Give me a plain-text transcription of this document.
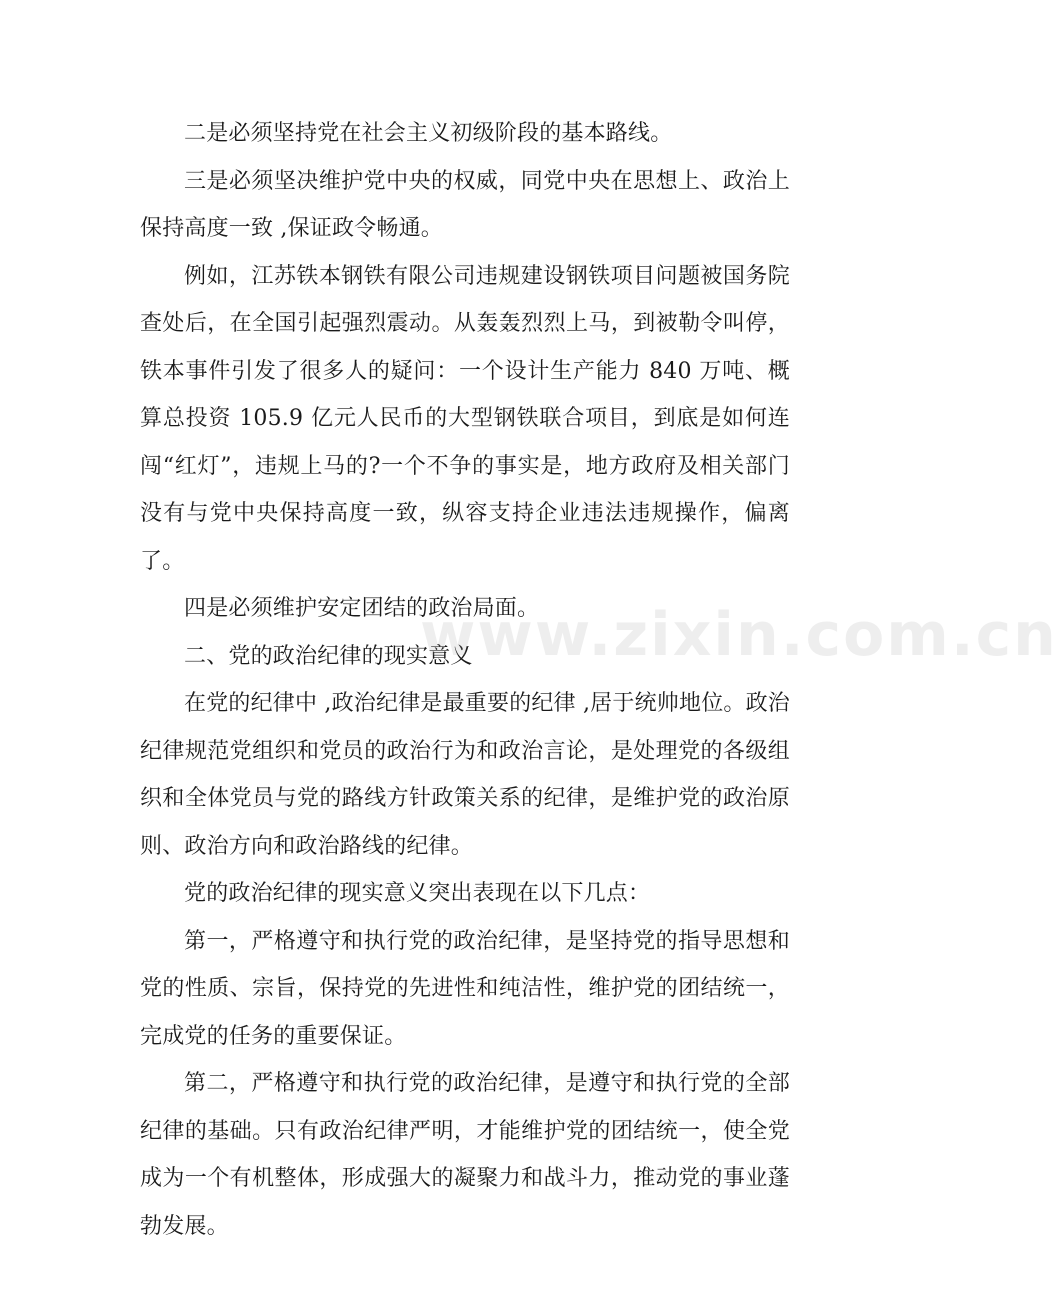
二是必须坚持党在社会主义初级阶段的基本路线。

三是必须坚决维护党中央的权威，同党中央在思想上、政治上保持高度一致 ,保证政令畅通。

例如，江苏铁本钢铁有限公司违规建设钢铁项目问题被国务院查处后，在全国引起强烈震动。从轰轰烈烈上马，到被勒令叫停，铁本事件引发了很多人的疑问：一个设计生产能力 840 万吨、概算总投资 105.9 亿元人民币的大型钢铁联合项目，到底是如何连闯“红灯”，违规上马的?一个不争的事实是，地方政府及相关部门没有与党中央保持高度一致，纵容支持企业违法违规操作，偏离了。

四是必须维护安定团结的政治局面。

二、党的政治纪律的现实意义

在党的纪律中 ,政治纪律是最重要的纪律 ,居于统帅地位。政治纪律规范党组织和党员的政治行为和政治言论，是处理党的各级组织和全体党员与党的路线方针政策关系的纪律，是维护党的政治原则、政治方向和政治路线的纪律。

党的政治纪律的现实意义突出表现在以下几点：

第一，严格遵守和执行党的政治纪律，是坚持党的指导思想和党的性质、宗旨，保持党的先进性和纯洁性，维护党的团结统一，完成党的任务的重要保证。

第二，严格遵守和执行党的政治纪律，是遵守和执行党的全部纪律的基础。只有政治纪律严明，才能维护党的团结统一，使全党成为一个有机整体，形成强大的凝聚力和战斗力，推动党的事业蓬勃发展。

www.zixin.com.cn
